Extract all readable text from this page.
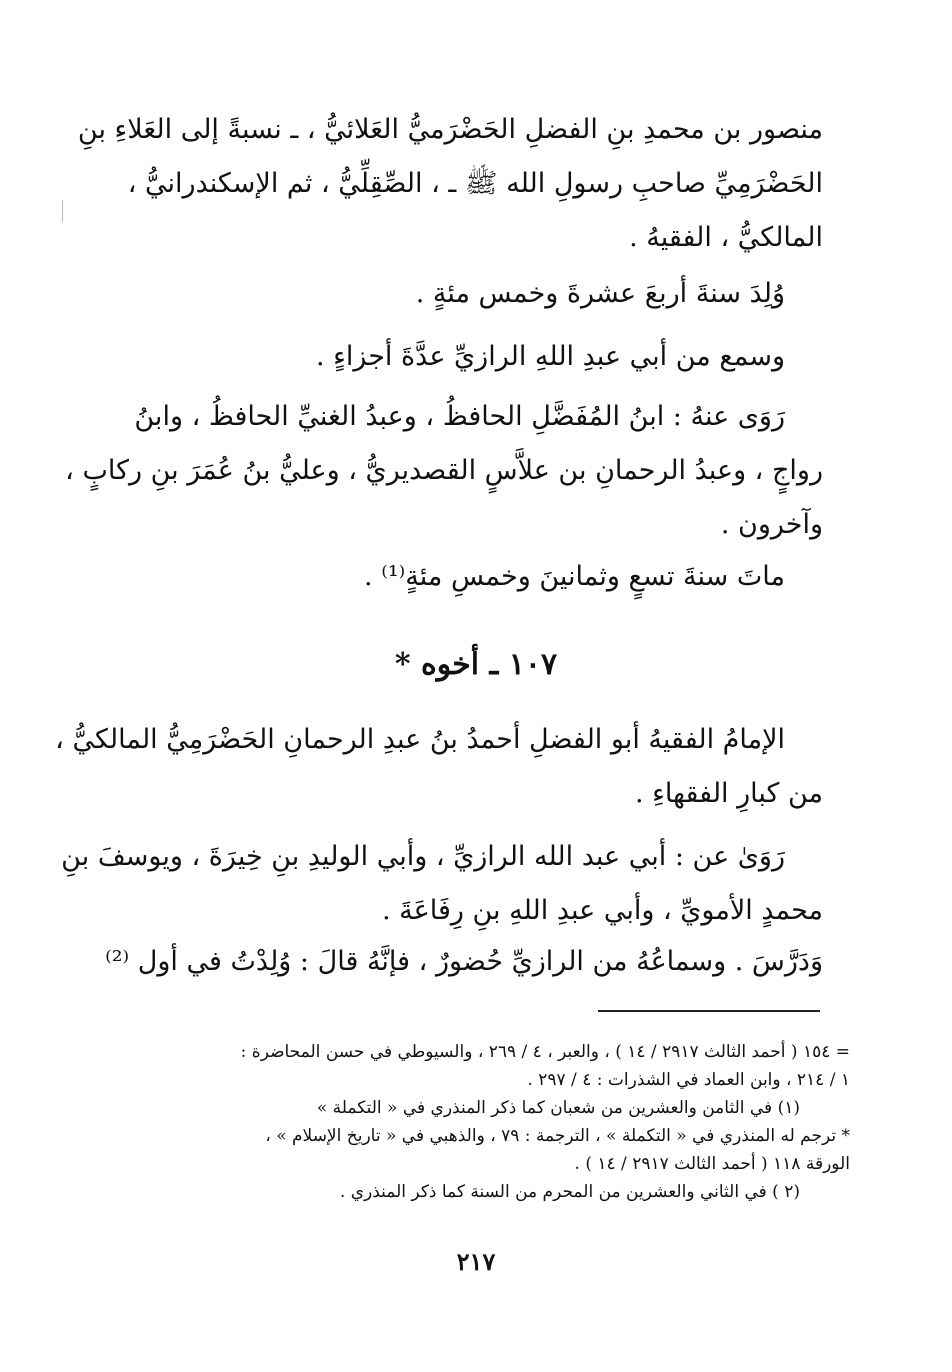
منصور بن محمدِ بنِ الفضلِ الحَضْرَميُّ العَلائيُّ ، ـ نسبةً إلى العَلاءِ بنِ
الحَضْرَمِيِّ صاحبِ رسولِ الله ﷺ ـ ، الصِّقِلِّيُّ ، ثم الإسكندرانيُّ ،
المالكيُّ ، الفقيهُ .
وُلِدَ سنةَ أربعَ عشرةَ وخمس مئةٍ .
وسمع من أبي عبدِ اللهِ الرازيِّ عدَّةَ أجزاءٍ .
رَوَى عنهُ : ابنُ المُفَضَّلِ الحافظُ ، وعبدُ الغنيِّ الحافظُ ، وابنُ
رواجٍ ، وعبدُ الرحمانِ بن علاَّسٍ القصديريُّ ، وعليُّ بنُ عُمَرَ بنِ ركابٍ ،
وآخرون .
ماتَ سنةَ تسعٍ وثمانينَ وخمسِ مئةٍ⁽¹⁾ .
١٠٧ ـ أخوه *
الإمامُ الفقيهُ أبو الفضلِ أحمدُ بنُ عبدِ الرحمانِ الحَضْرَمِيُّ المالكيُّ ،
من كبارِ الفقهاءِ .
رَوَىٰ عن : أبي عبد الله الرازيِّ ، وأبي الوليدِ بنِ خِيرَةَ ، ويوسفَ بنِ
محمدٍ الأمويِّ ، وأبي عبدِ اللهِ بنِ رِفَاعَةَ .
وَدَرَّسَ . وسماعُهُ من الرازيِّ حُضورٌ ، فإنَّهُ قالَ : وُلِدْتُ في أول ⁽²⁾
= ١٥٤ ( أحمد الثالث ٢٩١٧ / ١٤ ) ، والعبر ، ٤ / ٢٦٩ ، والسيوطي في حسن المحاضرة :
١ / ٢١٤ ، وابن العماد في الشذرات : ٤ / ٢٩٧ .
(١) في الثامن والعشرين من شعبان كما ذكر المنذري في « التكملة »
* ترجم له المنذري في « التكملة » ، الترجمة : ٧٩ ، والذهبي في « تاريخ الإسلام » ،
الورقة ١١٨ ( أحمد الثالث ٢٩١٧ / ١٤ ) .
(٢ ) في الثاني والعشرين من المحرم من السنة كما ذكر المنذري .
٢١٧
